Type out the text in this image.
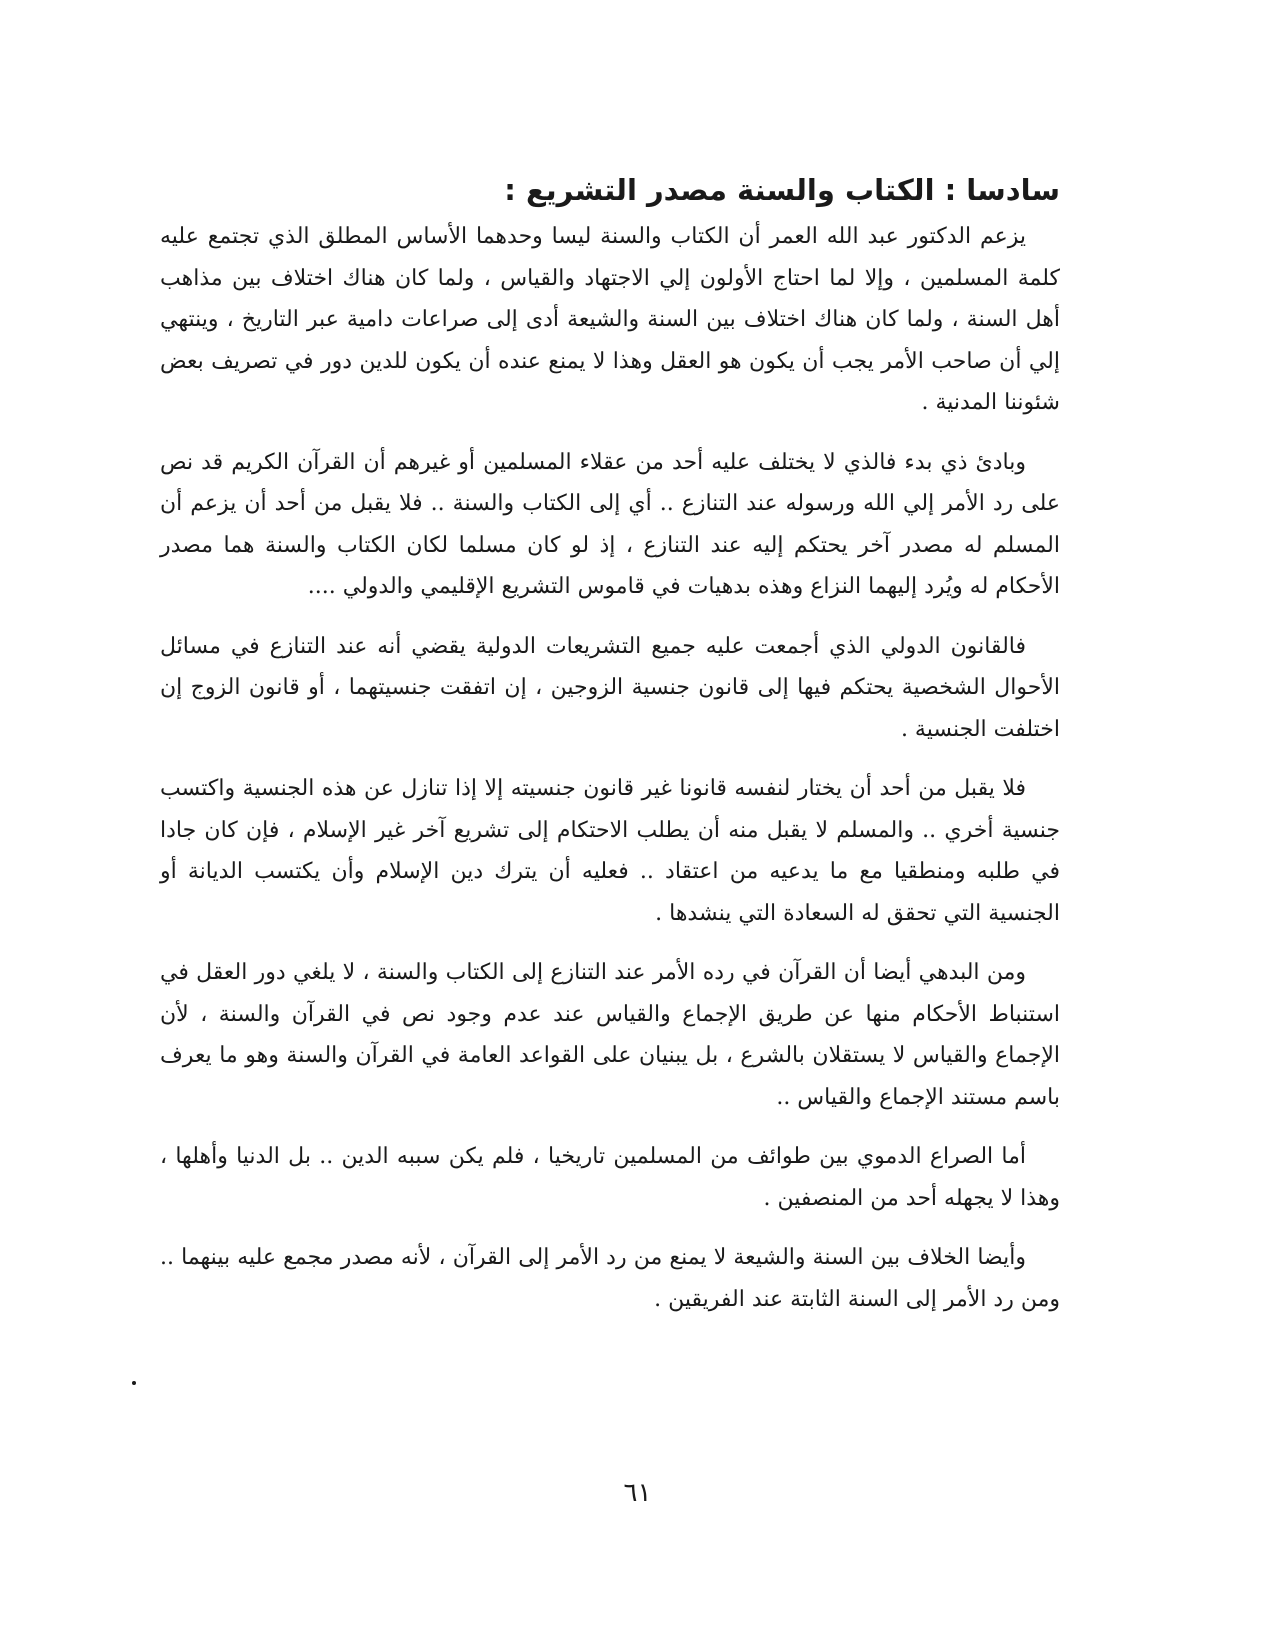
سادسا : الكتاب والسنة مصدر التشريع :

يزعم الدكتور عبد الله العمر أن الكتاب والسنة ليسا وحدهما الأساس المطلق الذي تجتمع عليه كلمة المسلمين ، وإلا لما احتاج الأولون إلي الاجتهاد والقياس ، ولما كان هناك اختلاف بين مذاهب أهل السنة ، ولما كان هناك اختلاف بين السنة والشيعة أدى إلى صراعات دامية عبر التاريخ ، وينتهي إلي أن صاحب الأمر يجب أن يكون هو العقل وهذا لا يمنع عنده أن يكون للدين دور في تصريف بعض شئوننا المدنية .

وبادئ ذي بدء فالذي لا يختلف عليه أحد من عقلاء المسلمين أو غيرهم أن القرآن الكريم قد نص على رد الأمر إلي الله ورسوله عند التنازع .. أي إلى الكتاب والسنة .. فلا يقبل من أحد أن يزعم أن المسلم له مصدر آخر يحتكم إليه عند التنازع ، إذ لو كان مسلما لكان الكتاب والسنة هما مصدر الأحكام له ويُرد إليهما النزاع وهذه بدهيات في قاموس التشريع الإقليمي والدولي ....

فالقانون الدولي الذي أجمعت عليه جميع التشريعات الدولية يقضي أنه عند التنازع في مسائل الأحوال الشخصية يحتكم فيها إلى قانون جنسية الزوجين ، إن اتفقت جنسيتهما ، أو قانون الزوج إن اختلفت الجنسية .

فلا يقبل من أحد أن يختار لنفسه قانونا غير قانون جنسيته إلا إذا تنازل عن هذه الجنسية واكتسب جنسية أخري .. والمسلم لا يقبل منه أن يطلب الاحتكام إلى تشريع آخر غير الإسلام ، فإن كان جادا في طلبه ومنطقيا مع ما يدعيه من اعتقاد .. فعليه أن يترك دين الإسلام وأن يكتسب الديانة أو الجنسية التي تحقق له السعادة التي ينشدها .

ومن البدهي أيضا أن القرآن في رده الأمر عند التنازع إلى الكتاب والسنة ، لا يلغي دور العقل في استنباط الأحكام منها عن طريق الإجماع والقياس عند عدم وجود نص في القرآن والسنة ، لأن الإجماع والقياس لا يستقلان بالشرع ، بل يبنيان على القواعد العامة في القرآن والسنة وهو ما يعرف باسم مستند الإجماع والقياس ..

أما الصراع الدموي بين طوائف من المسلمين تاريخيا ، فلم يكن سببه الدين .. بل الدنيا وأهلها ، وهذا لا يجهله أحد من المنصفين .

وأيضا الخلاف بين السنة والشيعة لا يمنع من رد الأمر إلى القرآن ، لأنه مصدر مجمع عليه بينهما .. ومن رد الأمر إلى السنة الثابتة عند الفريقين .

٦١
